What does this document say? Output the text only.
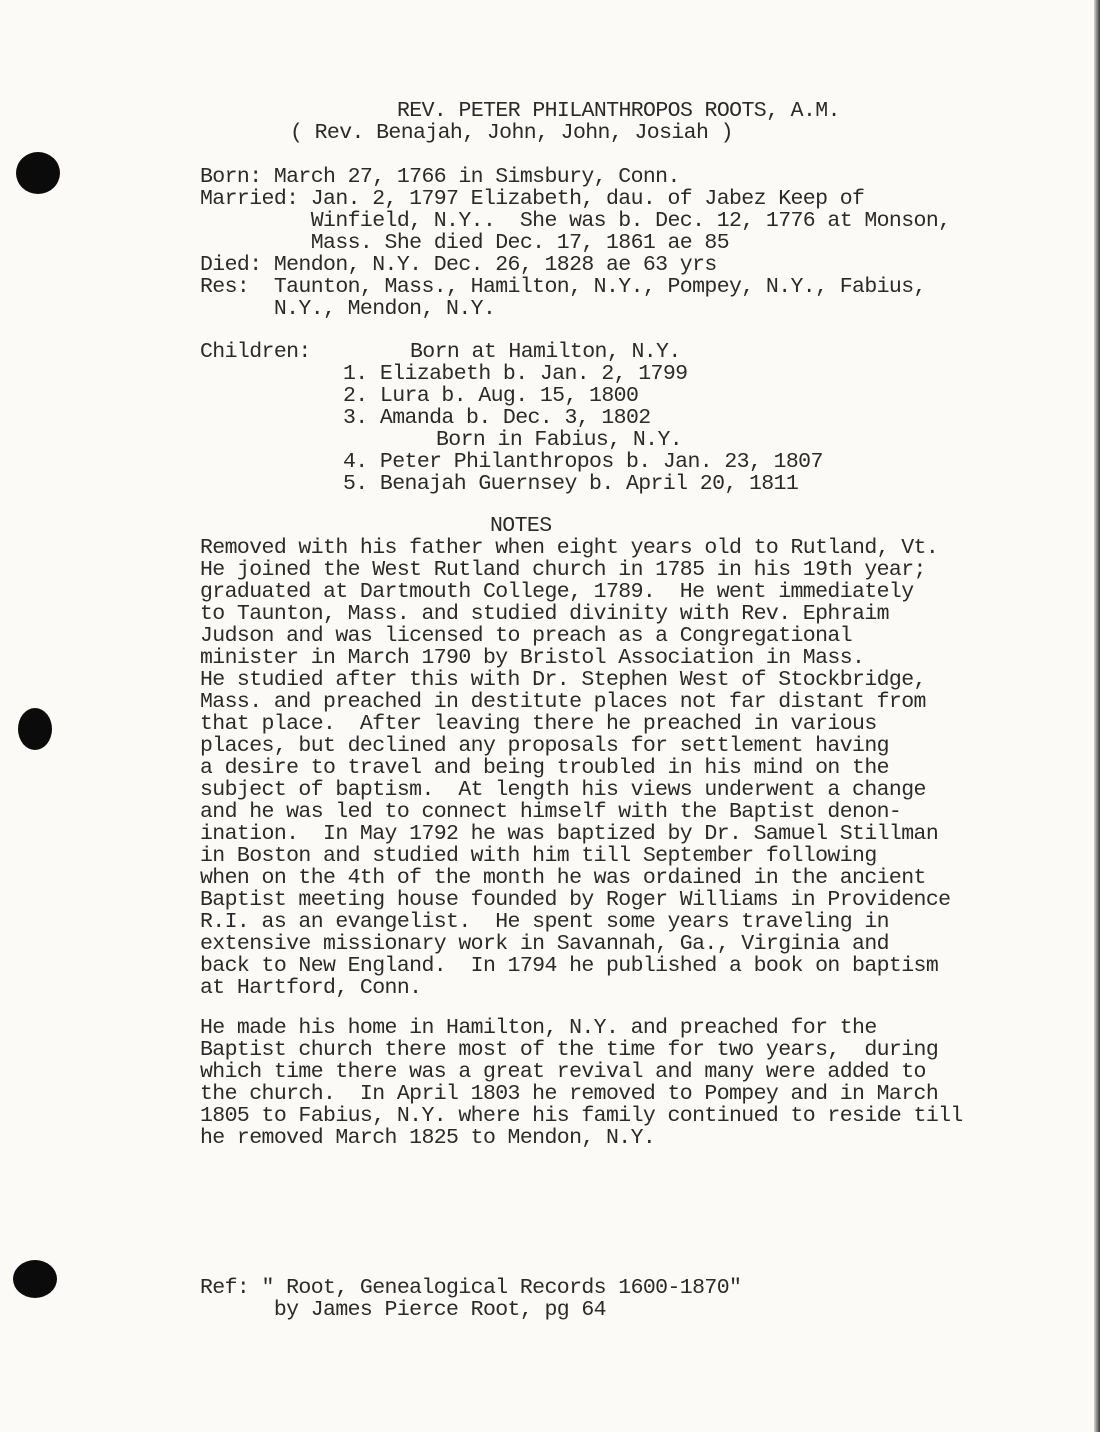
REV. PETER PHILANTHROPOS ROOTS, A.M.
( Rev. Benajah, John, John, Josiah )
Born: March 27, 1766 in Simsbury, Conn.
Married: Jan. 2, 1797 Elizabeth, dau. of Jabez Keep of
Winfield, N.Y..  She was b. Dec. 12, 1776 at Monson,
Mass. She died Dec. 17, 1861 ae 85
Died: Mendon, N.Y. Dec. 26, 1828 ae 63 yrs
Res:  Taunton, Mass., Hamilton, N.Y., Pompey, N.Y., Fabius,
N.Y., Mendon, N.Y.
Children:	Born at Hamilton, N.Y.
1. Elizabeth b. Jan. 2, 1799
2. Lura b. Aug. 15, 1800
3. Amanda b. Dec. 3, 1802
Born in Fabius, N.Y.
4. Peter Philanthropos b. Jan. 23, 1807
5. Benajah Guernsey b. April 20, 1811
NOTES
Removed with his father when eight years old to Rutland, Vt.
He joined the West Rutland church in 1785 in his 19th year;
graduated at Dartmouth College, 1789.  He went immediately
to Taunton, Mass. and studied divinity with Rev. Ephraim
Judson and was licensed to preach as a Congregational
minister in March 1790 by Bristol Association in Mass.
He studied after this with Dr. Stephen West of Stockbridge,
Mass. and preached in destitute places not far distant from
that place.  After leaving there he preached in various
places, but declined any proposals for settlement having
a desire to travel and being troubled in his mind on the
subject of baptism.  At length his views underwent a change
and he was led to connect himself with the Baptist denon-
ination.  In May 1792 he was baptized by Dr. Samuel Stillman
in Boston and studied with him till September following
when on the 4th of the month he was ordained in the ancient
Baptist meeting house founded by Roger Williams in Providence
R.I. as an evangelist.  He spent some years traveling in
extensive missionary work in Savannah, Ga., Virginia and
back to New England.  In 1794 he published a book on baptism
at Hartford, Conn.
He made his home in Hamilton, N.Y. and preached for the
Baptist church there most of the time for two years,  during
which time there was a great revival and many were added to
the church.  In April 1803 he removed to Pompey and in March
1805 to Fabius, N.Y. where his family continued to reside till
he removed March 1825 to Mendon, N.Y.
Ref: " Root, Genealogical Records 1600-1870"
by James Pierce Root, pg 64
